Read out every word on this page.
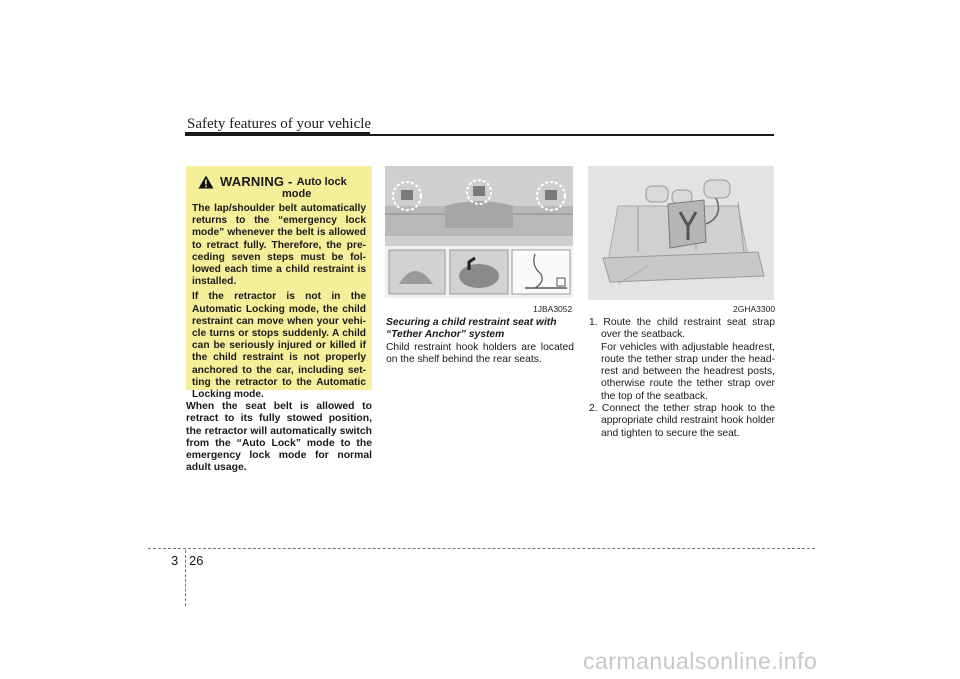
Safety features of your vehicle
WARNING - Auto lock
mode

The lap/shoulder belt automatically returns to the “emergency lock mode” whenever the belt is allowed to retract fully. Therefore, the pre-ceding seven steps must be fol-lowed each time a child restraint is installed.

If the retractor is not in the Automatic Locking mode, the child restraint can move when your vehi-cle turns or stops suddenly. A child can be seriously injured or killed if the child restraint is not properly anchored to the car, including set-ting the retractor to the Automatic Locking mode.

When the seat belt is allowed to retract to its fully stowed position, the retractor will automatically switch from the “Auto Lock” mode to the emergency lock mode for normal adult usage.
1JBA3052	2GHA3300
Securing a child restraint seat with
“Tether Anchor” system
Child restraint hook holders are located on the shelf behind the rear seats.

1. Route the child restraint seat strap over the seatback.

For vehicles with adjustable headrest, route the tether strap under the head-rest and between the headrest posts, otherwise route the tether strap over the top of the seatback.

2. Connect the tether strap hook to the appropriate child restraint hook holder and tighten to secure the seat.

3 26
carmanualsonline.info
